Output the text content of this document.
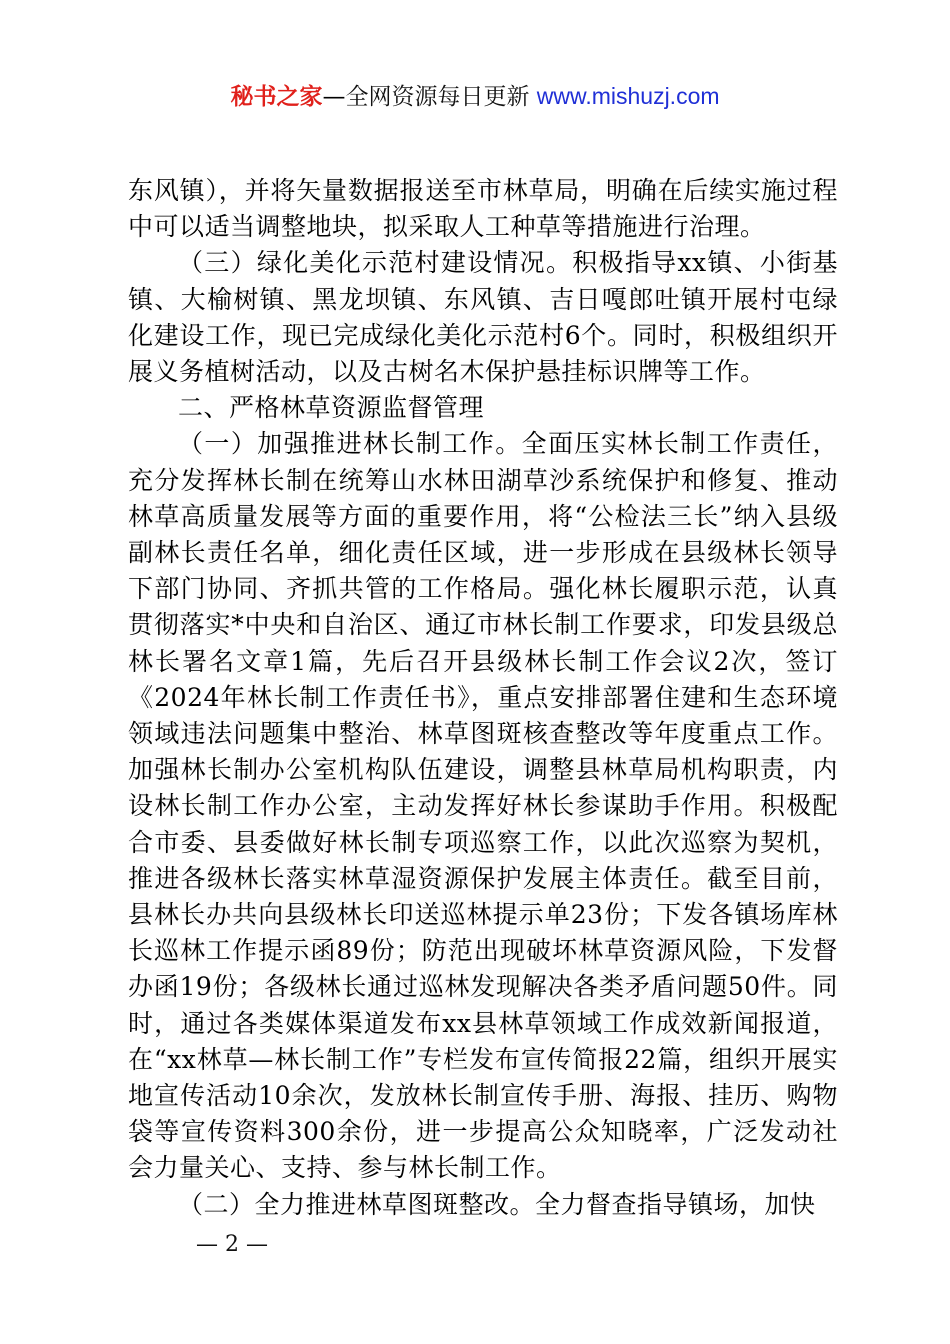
秘书之家—全网资源每日更新 www.mishuzj.com

东风镇），并将矢量数据报送至市林草局，明确在后续实施过程中可以适当调整地块，拟采取人工种草等措施进行治理。

（三）绿化美化示范村建设情况。积极指导xx镇、小街基镇、大榆树镇、黑龙坝镇、东风镇、吉日嘎郎吐镇开展村屯绿化建设工作，现已完成绿化美化示范村6个。同时，积极组织开展义务植树活动，以及古树名木保护悬挂标识牌等工作。

二、严格林草资源监督管理

（一）加强推进林长制工作。全面压实林长制工作责任，充分发挥林长制在统筹山水林田湖草沙系统保护和修复、推动林草高质量发展等方面的重要作用，将“公检法三长”纳入县级副林长责任名单，细化责任区域，进一步形成在县级林长领导下部门协同、齐抓共管的工作格局。强化林长履职示范，认真贯彻落实*中央和自治区、通辽市林长制工作要求，印发县级总林长署名文章1篇，先后召开县级林长制工作会议2次，签订《2024年林长制工作责任书》，重点安排部署住建和生态环境领域违法问题集中整治、林草图斑核查整改等年度重点工作。加强林长制办公室机构队伍建设，调整县林草局机构职责，内设林长制工作办公室，主动发挥好林长参谋助手作用。积极配合市委、县委做好林长制专项巡察工作，以此次巡察为契机，推进各级林长落实林草湿资源保护发展主体责任。截至目前，县林长办共向县级林长印送巡林提示单23份；下发各镇场库林长巡林工作提示函89份；防范出现破坏林草资源风险，下发督办函19份；各级林长通过巡林发现解决各类矛盾问题50件。同时，通过各类媒体渠道发布xx县林草领域工作成效新闻报道，在“xx林草—林长制工作”专栏发布宣传简报22篇，组织开展实地宣传活动10余次，发放林长制宣传手册、海报、挂历、购物袋等宣传资料300余份，进一步提高公众知晓率，广泛发动社会力量关心、支持、参与林长制工作。

（二）全力推进林草图斑整改。全力督查指导镇场，加快

— 2 —
